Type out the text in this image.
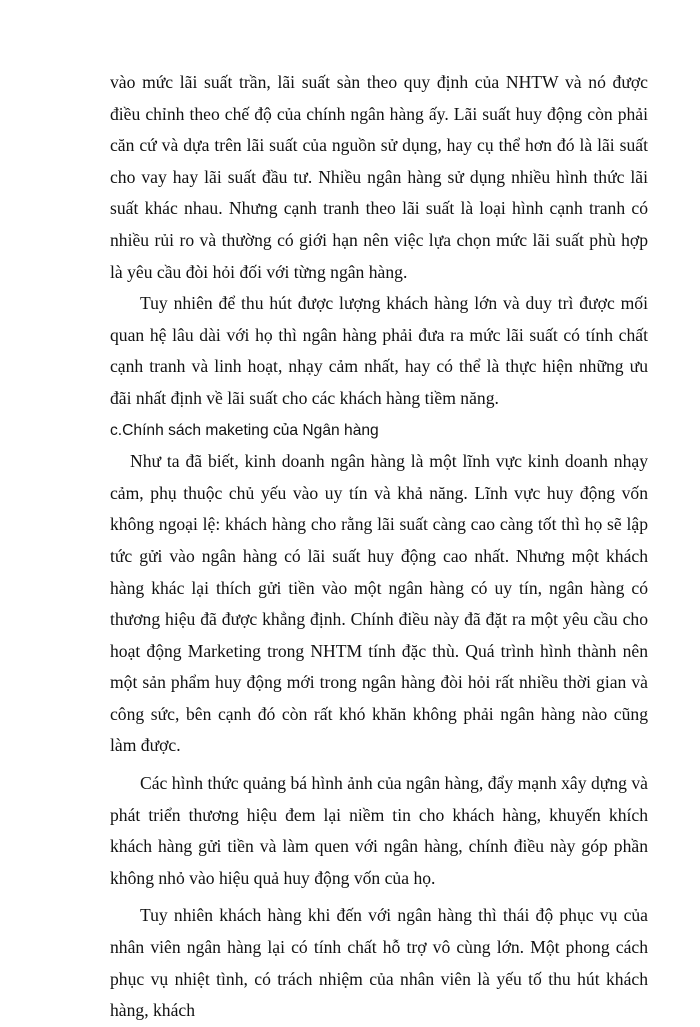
vào mức lãi suất trần, lãi suất sàn theo quy định của NHTW và nó được điều chỉnh theo chế độ của chính ngân hàng ấy. Lãi suất huy động còn phải căn cứ và dựa trên lãi suất của nguồn sử dụng, hay cụ thể hơn đó là lãi suất cho vay hay lãi suất đầu tư. Nhiều ngân hàng sử dụng nhiều hình thức lãi suất khác nhau. Nhưng cạnh tranh theo lãi suất là loại hình cạnh tranh có nhiều rủi ro và thường có giới hạn nên việc lựa chọn mức lãi suất phù hợp là yêu cầu đòi hỏi đối với từng ngân hàng.

Tuy nhiên để thu hút được lượng khách hàng lớn và duy trì được mối quan hệ lâu dài với họ thì ngân hàng phải đưa ra mức lãi suất có tính chất cạnh tranh và linh hoạt, nhạy cảm nhất, hay có thể là thực hiện những ưu đãi nhất định về lãi suất cho các khách hàng tiềm năng.

c.Chính sách maketing của Ngân hàng

Như ta đã biết, kinh doanh ngân hàng là một lĩnh vực kinh doanh nhạy cảm, phụ thuộc chủ yếu vào uy tín và khả năng. Lĩnh vực huy động vốn không ngoại lệ: khách hàng cho rằng lãi suất càng cao càng tốt thì họ sẽ lập tức gửi vào ngân hàng có lãi suất huy động cao nhất. Nhưng một khách hàng khác lại thích gửi tiền vào một ngân hàng có uy tín, ngân hàng có thương hiệu đã được khẳng định. Chính điều này đã đặt ra một yêu cầu cho hoạt động Marketing trong NHTM tính đặc thù. Quá trình hình thành nên một sản phẩm huy động mới trong ngân hàng đòi hỏi rất nhiều thời gian và công sức, bên cạnh đó còn rất khó khăn không phải ngân hàng nào cũng làm được.

Các hình thức quảng bá hình ảnh của ngân hàng, đẩy mạnh xây dựng và phát triển thương hiệu đem lại niềm tin cho khách hàng, khuyến khích khách hàng gửi tiền và làm quen với ngân hàng, chính điều này góp phần không nhỏ vào hiệu quả huy động vốn của họ.

Tuy nhiên khách hàng khi đến với ngân hàng thì thái độ phục vụ của nhân viên ngân hàng lại có tính chất hỗ trợ vô cùng lớn. Một phong cách phục vụ nhiệt tình, có trách nhiệm của nhân viên là yếu tố thu hút khách hàng, khách
